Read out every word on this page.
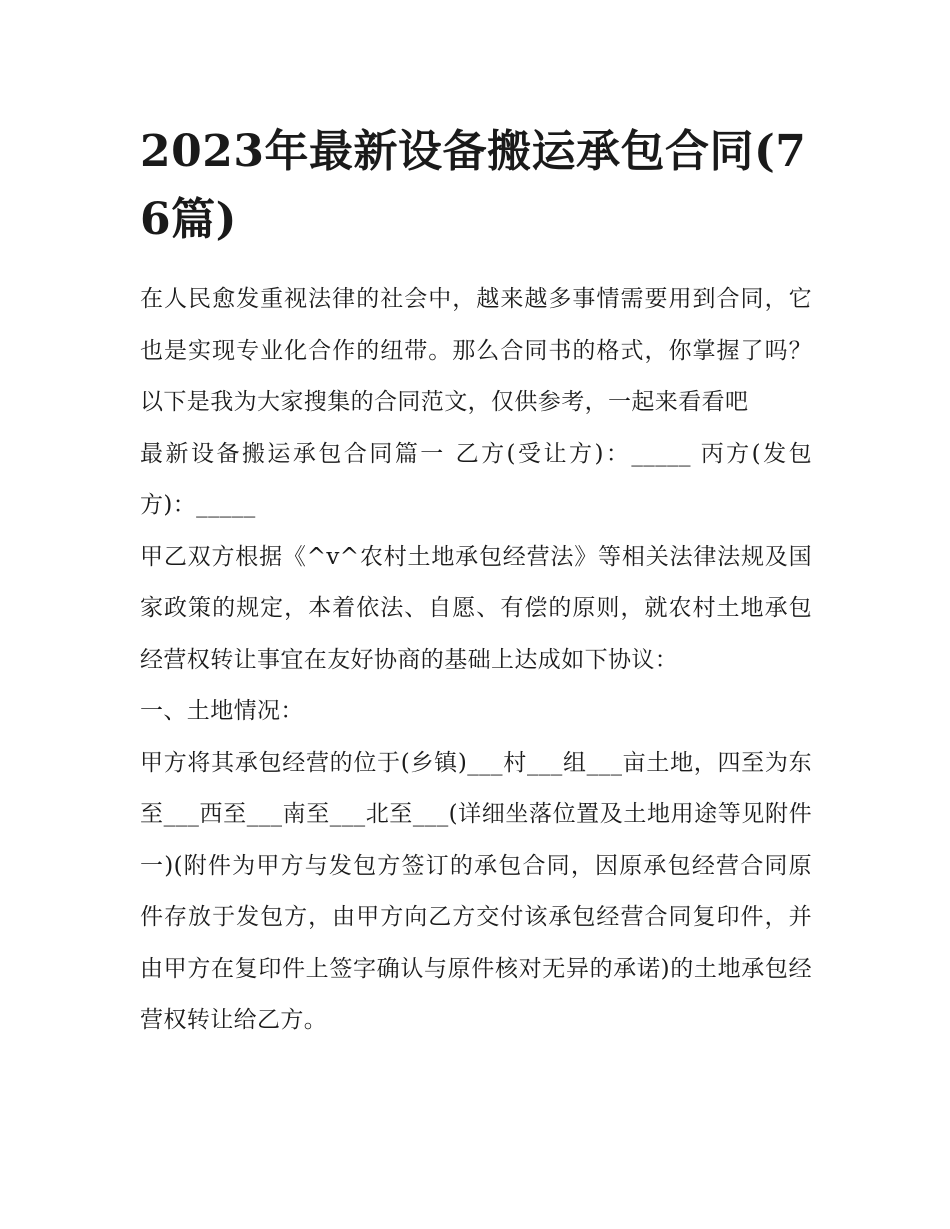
2023年最新设备搬运承包合同(76篇)

在人民愈发重视法律的社会中，越来越多事情需要用到合同，它也是实现专业化合作的纽带。那么合同书的格式，你掌握了吗？以下是我为大家搜集的合同范文，仅供参考，一起来看看吧

最新设备搬运承包合同篇一 乙方(受让方)：_____ 丙方(发包方)：_____

甲乙双方根据《^v^农村土地承包经营法》等相关法律法规及国家政策的规定，本着依法、自愿、有偿的原则，就农村土地承包经营权转让事宜在友好协商的基础上达成如下协议：

一、土地情况：

甲方将其承包经营的位于(乡镇)___村___组___亩土地，四至为东至___西至___南至___北至___(详细坐落位置及土地用途等见附件一)(附件为甲方与发包方签订的承包合同，因原承包经营合同原件存放于发包方，由甲方向乙方交付该承包经营合同复印件，并由甲方在复印件上签字确认与原件核对无异的承诺)的土地承包经营权转让给乙方。
